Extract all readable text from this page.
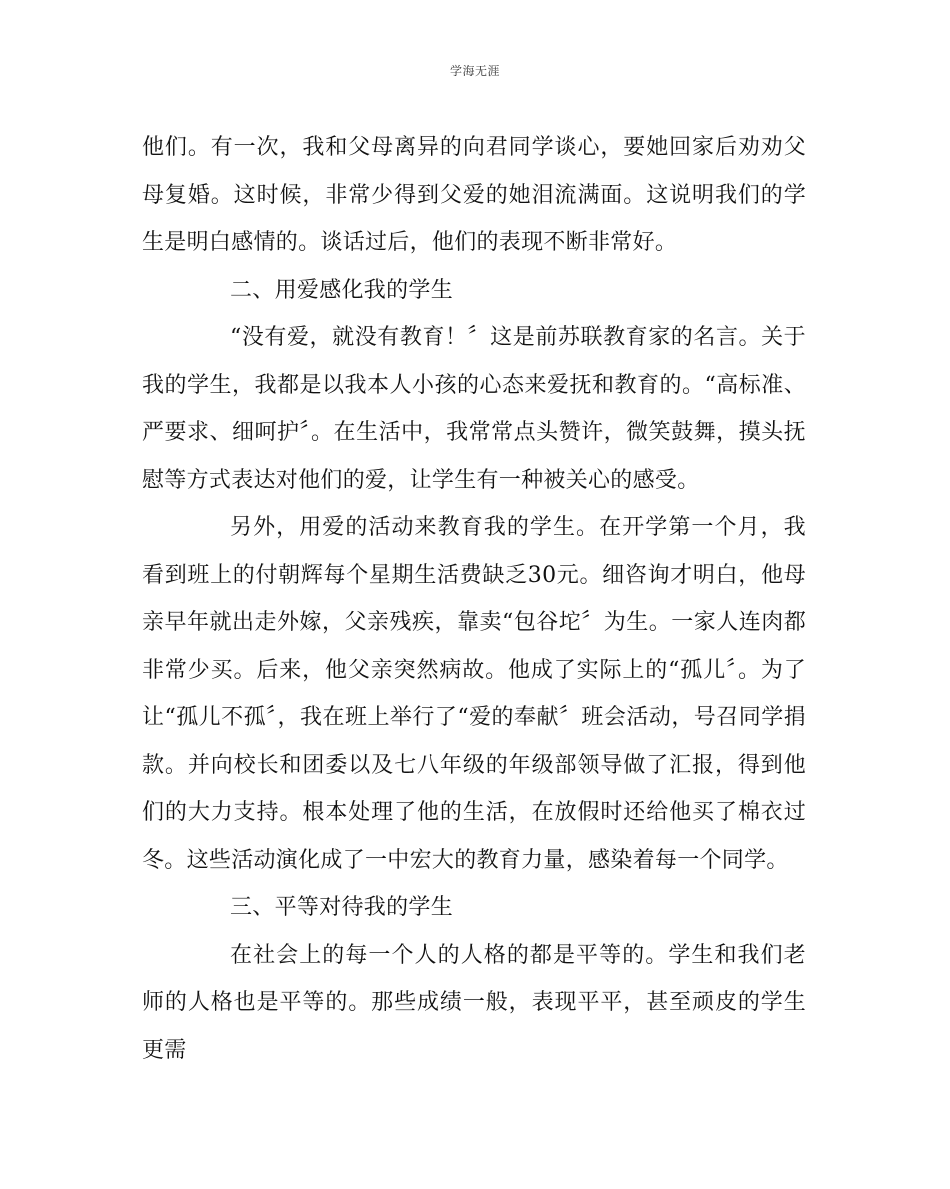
学海无涯

他们。有一次，我和父母离异的向君同学谈心，要她回家后劝劝父母复婚。这时候，非常少得到父爱的她泪流满面。这说明我们的学生是明白感情的。谈话过后，他们的表现不断非常好。

二、用爱感化我的学生

“没有爱，就没有教育！〞这是前苏联教育家的名言。关于我的学生，我都是以我本人小孩的心态来爱抚和教育的。“高标准、严要求、细呵护〞。在生活中，我常常点头赞许，微笑鼓舞，摸头抚慰等方式表达对他们的爱，让学生有一种被关心的感受。

另外，用爱的活动来教育我的学生。在开学第一个月，我看到班上的付朝辉每个星期生活费缺乏30元。细咨询才明白，他母亲早年就出走外嫁，父亲残疾，靠卖“包谷坨〞为生。一家人连肉都非常少买。后来，他父亲突然病故。他成了实际上的“孤儿〞。为了让“孤儿不孤〞，我在班上举行了“爱的奉献〞班会活动，号召同学捐款。并向校长和团委以及七八年级的年级部领导做了汇报，得到他们的大力支持。根本处理了他的生活，在放假时还给他买了棉衣过冬。这些活动演化成了一中宏大的教育力量，感染着每一个同学。

三、平等对待我的学生

在社会上的每一个人的人格的都是平等的。学生和我们老师的人格也是平等的。那些成绩一般，表现平平，甚至顽皮的学生更需
